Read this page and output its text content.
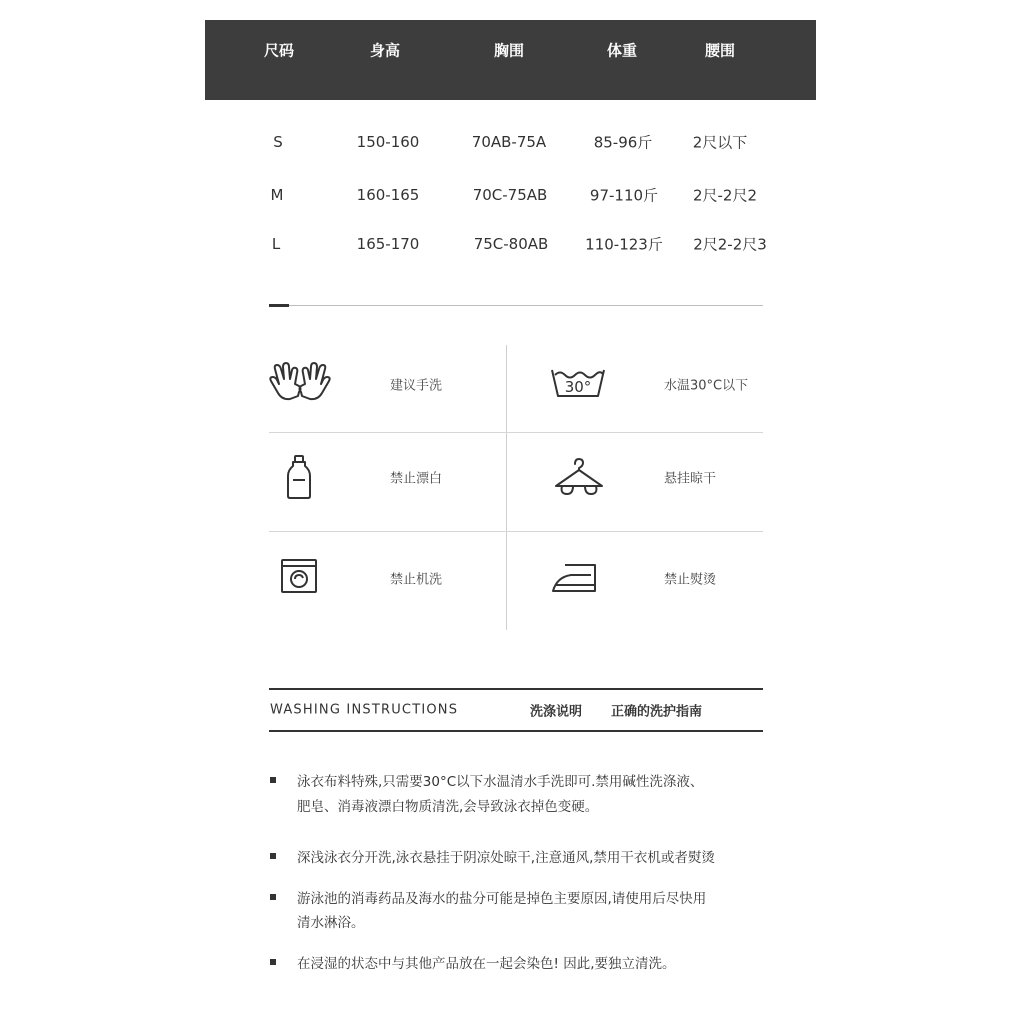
尺码	身高	胸围	体重	腰围
S	150-160	70AB-75A	85-96斤	2尺以下
M	160-165	70C-75AB	97-110斤 2尺-2尺2
L	165-170	75C-80AB 110-123斤 2尺2-2尺3
30°
建议手洗	水温30°C以下
禁止漂白	悬挂晾干
禁止机洗	禁止熨烫
WASHING INSTRUCTIONS	洗涤说明 正确的洗护指南
泳衣布料特殊,只需要30°C以下水温清水手洗即可.禁用碱性洗涤液、
肥皂、消毒液漂白物质清洗,会导致泳衣掉色变硬。
深浅泳衣分开洗,泳衣悬挂于阴凉处晾干,注意通风,禁用干衣机或者熨烫
游泳池的消毒药品及海水的盐分可能是掉色主要原因,请使用后尽快用
清水淋浴。
在浸湿的状态中与其他产品放在一起会染色! 因此,要独立清洗。
